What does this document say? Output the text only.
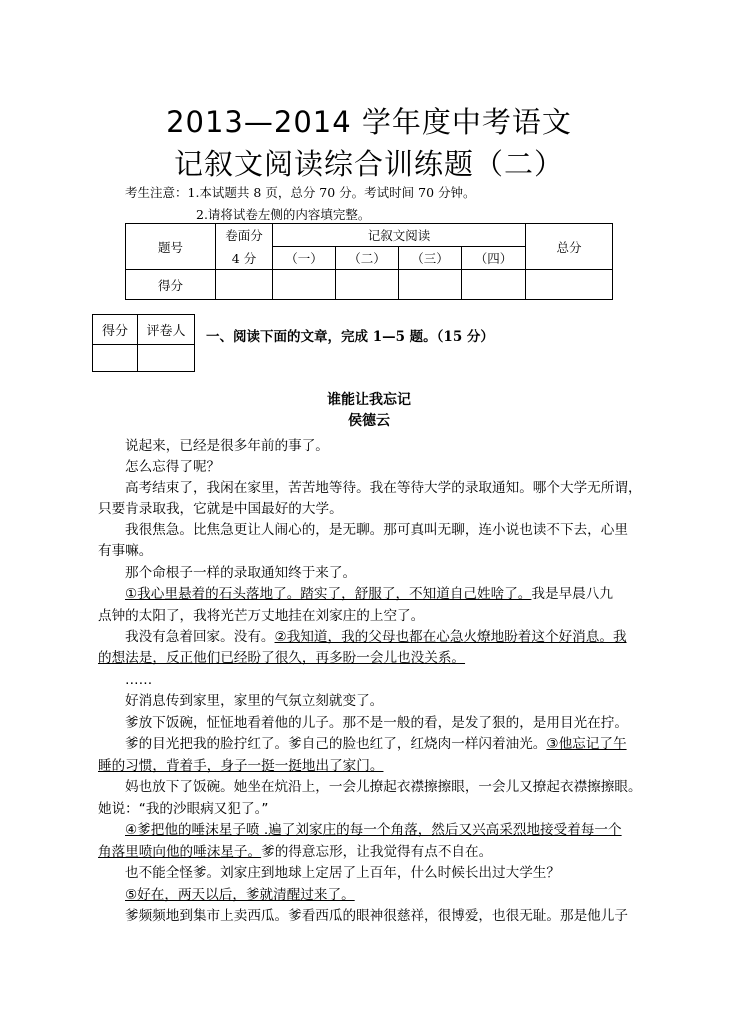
2013—2014 学年度中考语文
记叙文阅读综合训练题（二）
考生注意：1.本试题共 8 页，总分 70 分。考试时间 70 分钟。
2.请将试卷左侧的内容填完整。
题号	卷面分	记叙文阅读				总分
	4 分	（一）	（二）	（三）	（四）	
得分						
得分	评卷人
	一、阅读下面的文章，完成 1—5 题。（15 分）
谁能让我忘记
侯德云
说起来，已经是很多年前的事了。
怎么忘得了呢？
高考结束了，我闲在家里，苦苦地等待。我在等待大学的录取通知。哪个大学无所谓，
只要肯录取我，它就是中国最好的大学。
我很焦急。比焦急更让人闹心的，是无聊。那可真叫无聊，连小说也读不下去，心里
有事嘛。
那个命根子一样的录取通知终于来了。
①我心里悬着的石头落地了。踏实了，舒服了，不知道自己姓啥了。我是早晨八九
点钟的太阳了，我将光芒万丈地挂在刘家庄的上空了。
我没有急着回家。没有。②我知道，我的父母也都在心急火燎地盼着这个好消息。我
的想法是，反正他们已经盼了很久，再多盼一会儿也没关系。
……
好消息传到家里，家里的气氛立刻就变了。
爹放下饭碗，怔怔地看着他的儿子。那不是一般的看，是发了狠的，是用目光在拧。
爹的目光把我的脸拧红了。爹自己的脸也红了，红烧肉一样闪着油光。③他忘记了午
睡的习惯，背着手，身子一挺一挺地出了家门。
妈也放下了饭碗。她坐在炕沿上，一会儿撩起衣襟擦擦眼，一会儿又撩起衣襟擦擦眼。
她说：“我的沙眼病又犯了。”
④爹把他的唾沫星子喷 .遍了刘家庄的每一个角落，然后又兴高采烈地接受着每一个
角落里喷向他的唾沫星子。爹的得意忘形，让我觉得有点不自在。
也不能全怪爹。刘家庄到地球上定居了上百年，什么时候长出过大学生？
⑤好在，两天以后，爹就清醒过来了。
爹频频地到集市上卖西瓜。爹看西瓜的眼神很慈祥，很博爱，也很无耻。那是他儿子
